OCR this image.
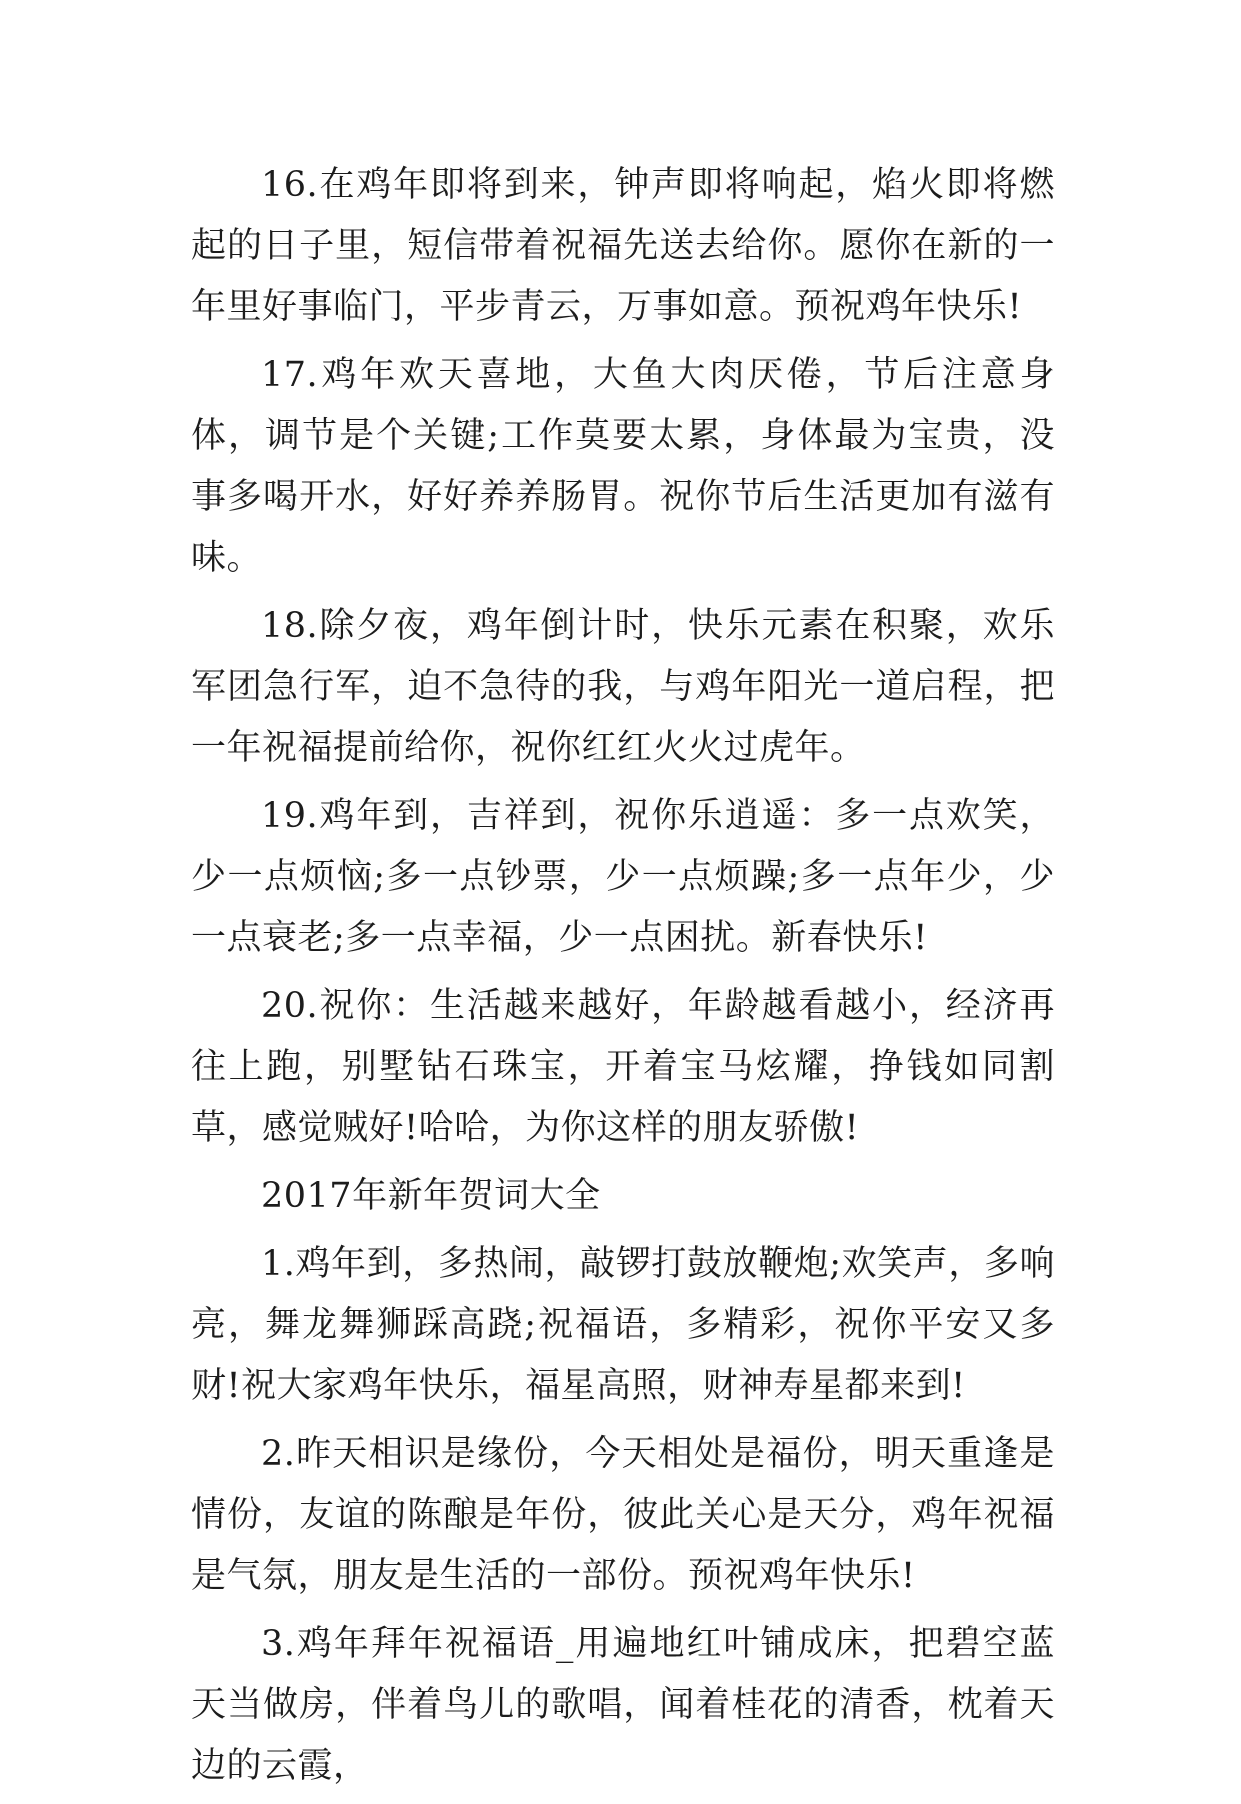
16.在鸡年即将到来，钟声即将响起，焰火即将燃起的日子里，短信带着祝福先送去给你。愿你在新的一年里好事临门，平步青云，万事如意。预祝鸡年快乐!

17.鸡年欢天喜地，大鱼大肉厌倦，节后注意身体，调节是个关键;工作莫要太累，身体最为宝贵，没事多喝开水，好好养养肠胃。祝你节后生活更加有滋有味。

18.除夕夜，鸡年倒计时，快乐元素在积聚，欢乐军团急行军，迫不急待的我，与鸡年阳光一道启程，把一年祝福提前给你，祝你红红火火过虎年。

19.鸡年到，吉祥到，祝你乐逍遥：多一点欢笑，少一点烦恼;多一点钞票，少一点烦躁;多一点年少，少一点衰老;多一点幸福，少一点困扰。新春快乐!

20.祝你：生活越来越好，年龄越看越小，经济再往上跑，别墅钻石珠宝，开着宝马炫耀，挣钱如同割草，感觉贼好!哈哈，为你这样的朋友骄傲!

2017年新年贺词大全

1.鸡年到，多热闹，敲锣打鼓放鞭炮;欢笑声，多响亮，舞龙舞狮踩高跷;祝福语，多精彩，祝你平安又多财!祝大家鸡年快乐，福星高照，财神寿星都来到!

2.昨天相识是缘份，今天相处是福份，明天重逢是情份，友谊的陈酿是年份，彼此关心是天分，鸡年祝福是气氛，朋友是生活的一部份。预祝鸡年快乐!

3.鸡年拜年祝福语_用遍地红叶铺成床，把碧空蓝天当做房，伴着鸟儿的歌唱，闻着桂花的清香，枕着天边的云霞，
